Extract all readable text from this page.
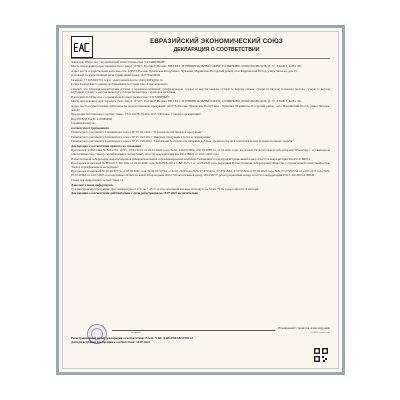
ЕВРАЗИЙСКИЙ ЭКОНОМИЧЕСКИЙ СОЮЗ
ДЕКЛАРАЦИЯ О СООТВЕТСТВИИ

Заявитель Общество с ограниченной ответственностью "СП МИРНЫЙ"

Место нахождения (адрес юридического лица): 107207, Россия, Г.Москва, ВН.ТЕР.Г. МУНИЦИПАЛЬНЫЙ ОКРУГ ГОЛЬЯНОВО, Ш ЩЕЛКОВСКОЕ, Д. 77, ЭТАЖ 3, КОМ. 301

Адрес места осуществления деятельности: 429573, Россия, Чувашская Республика - Чувашия, Мариинско-Посадский район, село Мариинский Посад, улица Чкалова, дом 19

Основной государственный регистрационный номер 1027739459068

Телефон: +7 4952401716 Адрес электронной почты: mirny2003@list.ru

в лице Генерального директора Ильященкого Станислава Александровича

заявляет, что Изделия кондитерские мучные с кремовой начинкой: сухари-крекеры, сухари со вкусом ванили, сухари со вкусом сливок, сухари со вкусом топленого молока, сухари со вкусом клубники, сухари со вкусом шоколада, сухари бисквитные с кремовой начинкой

Изготовитель Общество с ограниченной ответственностью "СП МИРНЫЙ"

Место нахождения (адрес юридического лица): 107207, Россия, Г.Москва, ВН.ТЕР.Г. МУНИЦИПАЛЬНЫЙ ОКРУГ ГОЛЬЯНОВО, Ш ЩЕЛКОВСКОЕ, Д. 77, ЭТАЖ 3, КОМ. 301

Адрес места осуществления деятельности по изготовлению продукции: 429573, Россия, Чувашская Республика - Чувашия, Мариинско-Посадский район, село Мариинский Посад, улица Чкалова, дом 19

Продукция изготовлена в соответствии с СТО 16278150-002-2015 "Печенье. Стандарт организации".

Код ТН ВЭД ЕАЭС 2105000000

Серийный выпуск

соответствует требованиям

Технического регламента Таможенного союза ТР ТС 021/2011 "О безопасности пищевой продукции"

Технического регламента Таможенного союза ТР ТС 022/2011 "Пищевая продукция в части ее маркировки"

Технического регламента Таможенного союза ТР ТС 029/2012 "Требования безопасности пищевых добавок, ароматизаторов и технологических вспомогательных средств"

Декларация о соответствии принята на основании

Протоколов испытаний №ВЛ-17/01 20/01, 18/01/2018 от 20.01.2020 года, №№ 449/03/2064, 450/03/2086 от 12.03.2020 года, выданных Испытательной лабораторией Общества с ограниченной ответственностью "Центр сертификации и экспертизы", аттестат аккредитации RA.RU.21ББ01 от 19.07.2021 года

Испытательной лаборатории аккредитованной (Межрегиональной сертификационной компании Таможенного союза) регистрационный номер аттестата аккредитации RA.RU.21ББ054

Протоколов испытаний № ВЛ-1613, ВЛ-1621 от 22.01.2020 года, №№ В08-2674/1, ВЛ-3675/1 от 12.03.2020 года, выданных Испытательной лабораторией Общества с ограниченной ответственностью "Центр сертификации и экспертизы"

Протоколов испытаний № 30 40/3277А от 07.02.2020 года, № 34 05/3272А от 22.01.2020 года, №№ 07-074543А, 07-074554А, 07-074558А от 07.02.2025 года, №№ 07-0745557А от 14.07.2025 года, №№ 07-074556А от 14.07.2025 года выданных Испытательной лабораторией ООО "Испытательный центр ЭКСПЕРТ" регистрационный номер аттестата аккредитации РОСС RU.0001.21ПП42

Схема декларирования соответствия: 1д

Дополнительная информация

Условия хранения продукции: при температуре от 0 °С до + 25 °С и относительной влажности воздуха не более 75 %. Срок годности: 6 месяцев.

Декларация о соответствии действительна с даты регистрации по 13.07.2025 включительно

Ильященкий Станислав Александрович
(подпись)	(Ф.И.О. заявителя)

Регистрационный номер декларации о соответствии: ЕАЭС N RU Д-RU.РА01.В.97095/22

Дата регистрации декларации о соответствии: 14.07.2022
